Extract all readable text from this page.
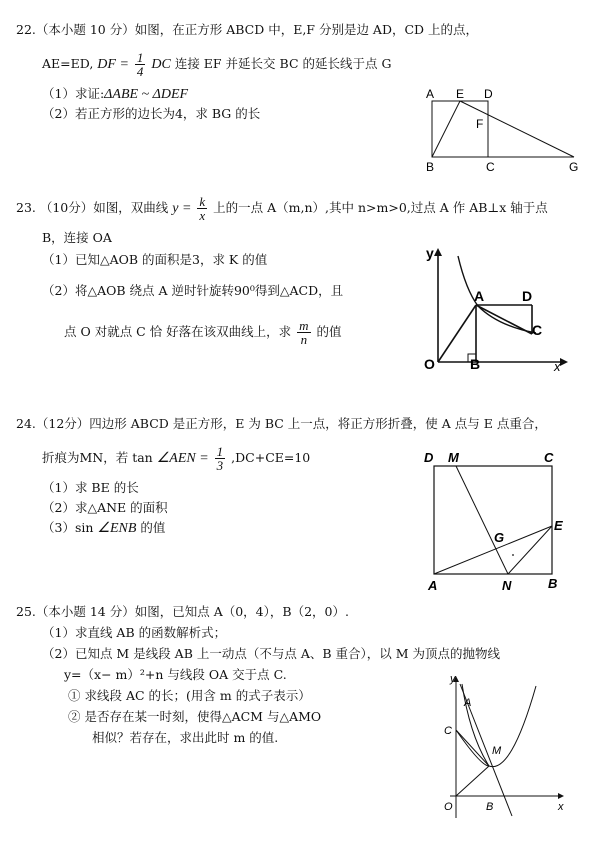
22.（本小题 10 分）如图，在正方形 ABCD 中，E,F 分别是边 AD，CD 上的点，
AE=ED, DF = $\frac{1}{4}$ DC 连接 EF 并延长交 BC 的延长线于点 G
（1）求证:ΔABE ~ ΔDEF
（2）若正方形的边长为4，求 BG 的长
A E D
F
B	C	G
23. （10分）如图，双曲线 $y = \frac{k}{x}$ 上的一点 A（m,n）,其中 n>m>0,过点 A 作 AB⊥x 轴于点
B，连接 OA
（1）已知△AOB 的面积是3，求 K 的值
（2）将△AOB 绕点 A 逆时针旋转90⁰得到△ACD，且
点 O 对就点 C 恰 好落在该双曲线上，求 $\frac{m}{n}$ 的值
y
A	D
C
O	B	x
24.（12分）四边形 ABCD 是正方形，E 为 BC 上一点，将正方形折叠，使 A 点与 E 点重合，
折痕为MN，若 tan ∠AEN = $\frac{1}{3} ,DC+CE=10$
（1）求 BE 的长
（2）求△ANE 的面积
（3）sin ∠ENB 的值
D M	C
E
G
A	N	B
25.（本小题 14 分）如图，已知点 A（0，4），B（2，0）.
（1）求直线 AB 的函数解析式；
（2）已知点 M 是线段 AB 上一动点（不与点 A、B 重合），以 M 为顶点的抛物线
y=（x− m）²+n 与线段 OA 交于点 C.
① 求线段 AC 的长；(用含 m 的式子表示）
② 是否存在某一时刻，使得△ACM 与△AMO
相似？若存在，求出此时 m 的值.
y
A
C
M
O	B	x
